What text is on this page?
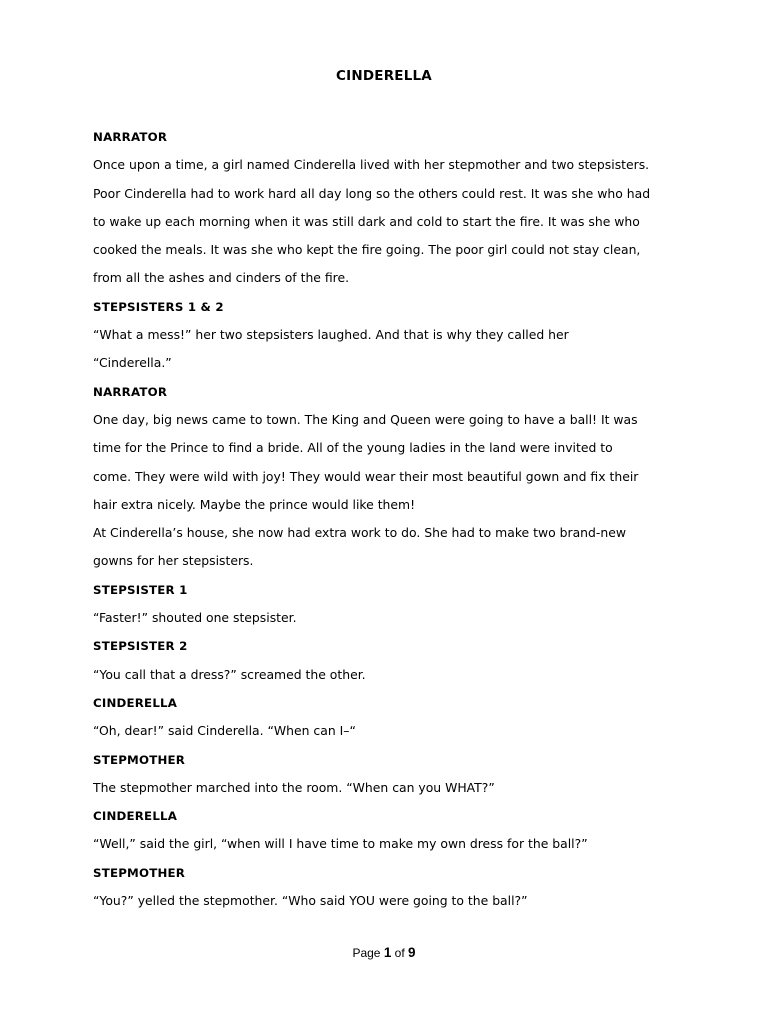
CINDERELLA
NARRATOR
Once upon a time, a girl named Cinderella lived with her stepmother and two stepsisters.
Poor Cinderella had to work hard all day long so the others could rest. It was she who had
to wake up each morning when it was still dark and cold to start the fire. It was she who
cooked the meals. It was she who kept the fire going. The poor girl could not stay clean,
from all the ashes and cinders of the fire.
STEPSISTERS 1 & 2
“What a mess!” her two stepsisters laughed. And that is why they called her
“Cinderella.”
NARRATOR
One day, big news came to town. The King and Queen were going to have a ball! It was
time for the Prince to find a bride. All of the young ladies in the land were invited to
come. They were wild with joy! They would wear their most beautiful gown and fix their
hair extra nicely. Maybe the prince would like them!
At Cinderella’s house, she now had extra work to do. She had to make two brand-new
gowns for her stepsisters.
STEPSISTER 1
“Faster!” shouted one stepsister.
STEPSISTER 2
“You call that a dress?” screamed the other.
CINDERELLA
“Oh, dear!” said Cinderella. “When can I–“
STEPMOTHER
The stepmother marched into the room. “When can you WHAT?”
CINDERELLA
“Well,” said the girl, “when will I have time to make my own dress for the ball?”
STEPMOTHER
“You?” yelled the stepmother. “Who said YOU were going to the ball?”
Page 1 of 9
